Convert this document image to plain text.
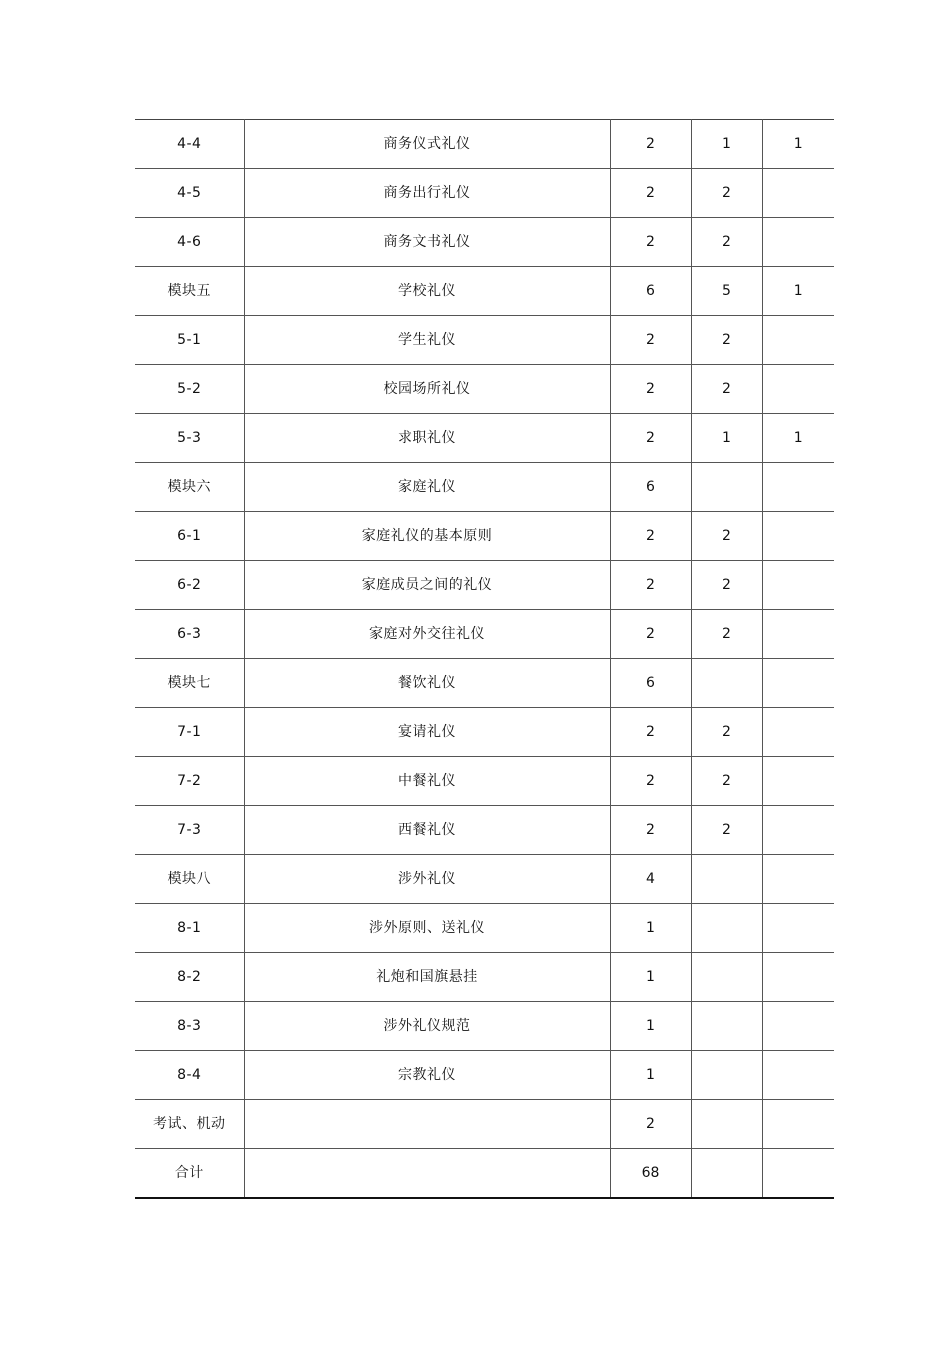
4-4	商务仪式礼仪	2	1	1
4-5	商务出行礼仪	2	2	
4-6	商务文书礼仪	2	2	
模块五	学校礼仪	6	5	1
5-1	学生礼仪	2	2	
5-2	校园场所礼仪	2	2	
5-3	求职礼仪	2	1	1
模块六	家庭礼仪	6		
6-1	家庭礼仪的基本原则	2	2	
6-2	家庭成员之间的礼仪	2	2	
6-3	家庭对外交往礼仪	2	2	
模块七	餐饮礼仪	6		
7-1	宴请礼仪	2	2	
7-2	中餐礼仪	2	2	
7-3	西餐礼仪	2	2	
模块八	涉外礼仪	4		
8-1	涉外原则、送礼仪	1		
8-2	礼炮和国旗悬挂	1		
8-3	涉外礼仪规范	1		
8-4	宗教礼仪	1		
考试、机动		2		
合计		68		
